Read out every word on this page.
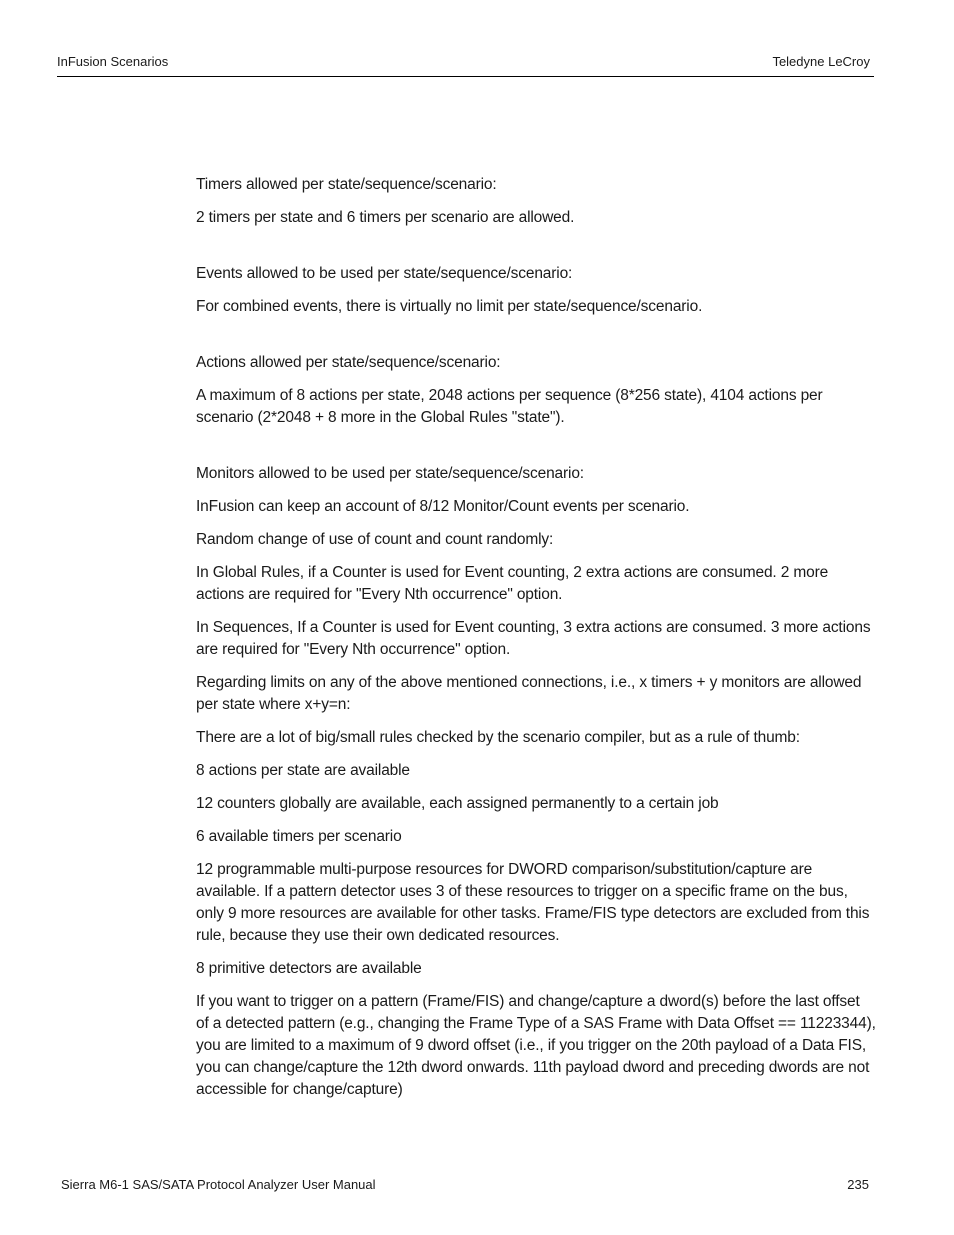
InFusion Scenarios	Teledyne LeCroy

Timers allowed per state/sequence/scenario:

2 timers per state and 6 timers per scenario are allowed.

Events allowed to be used per state/sequence/scenario:

For combined events, there is virtually no limit per state/sequence/scenario.

Actions allowed per state/sequence/scenario:

A maximum of 8 actions per state, 2048 actions per sequence (8*256 state), 4104 actions per scenario (2*2048 + 8 more in the Global Rules "state").

Monitors allowed to be used per state/sequence/scenario:

InFusion can keep an account of 8/12 Monitor/Count events per scenario.

Random change of use of count and count randomly:

In Global Rules, if a Counter is used for Event counting, 2 extra actions are consumed. 2 more actions are required for "Every Nth occurrence" option.

In Sequences, If a Counter is used for Event counting, 3 extra actions are consumed. 3 more actions are required for "Every Nth occurrence" option.

Regarding limits on any of the above mentioned connections, i.e., x timers + y monitors are allowed per state where x+y=n:

There are a lot of big/small rules checked by the scenario compiler, but as a rule of thumb:

8 actions per state are available

12 counters globally are available, each assigned permanently to a certain job

6 available timers per scenario

12 programmable multi-purpose resources for DWORD comparison/substitution/capture are available. If a pattern detector uses 3 of these resources to trigger on a specific frame on the bus, only 9 more resources are available for other tasks. Frame/FIS type detectors are excluded from this rule, because they use their own dedicated resources.

8 primitive detectors are available

If you want to trigger on a pattern (Frame/FIS) and change/capture a dword(s) before the last offset of a detected pattern (e.g., changing the Frame Type of a SAS Frame with Data Offset == 11223344), you are limited to a maximum of 9 dword offset (i.e., if you trigger on the 20th payload of a Data FIS, you can change/capture the 12th dword onwards. 11th payload dword and preceding dwords are not accessible for change/capture)

Sierra M6-1 SAS/SATA Protocol Analyzer User Manual	235
